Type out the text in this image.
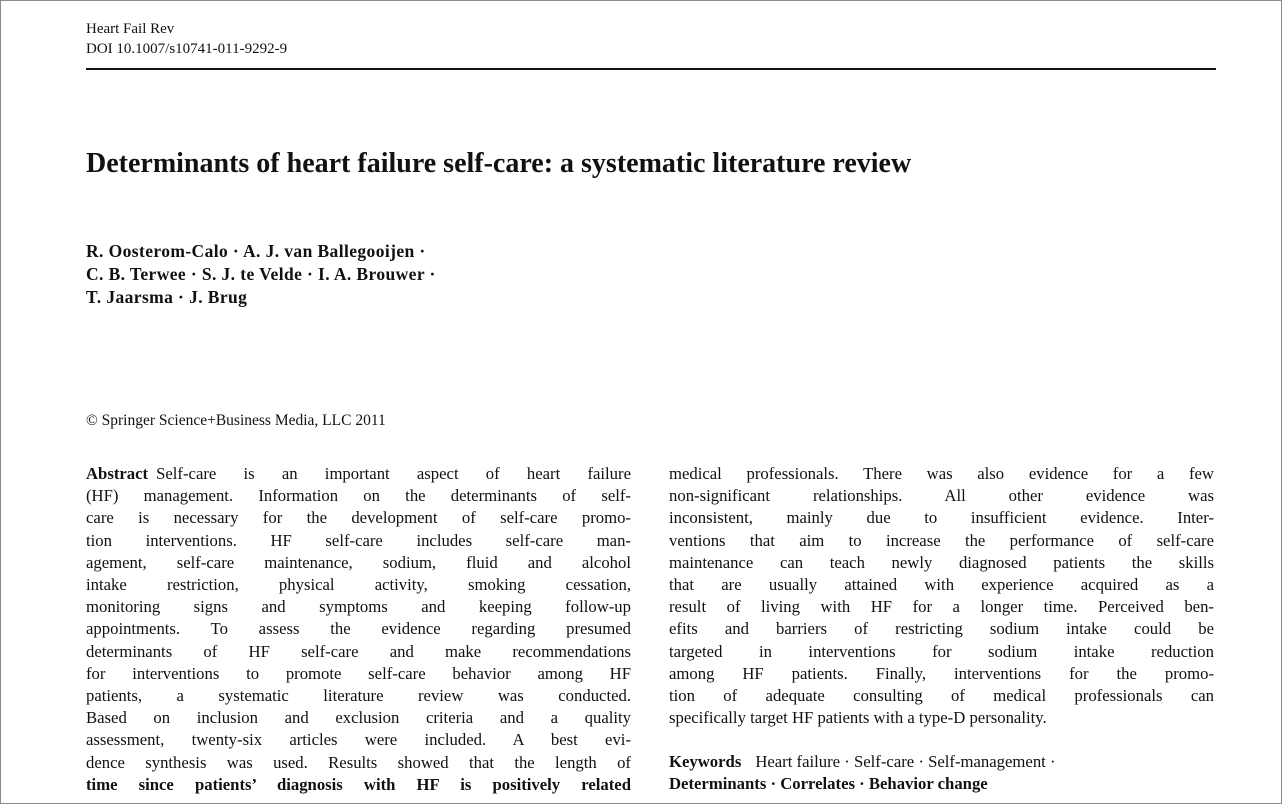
Heart Fail Rev
DOI 10.1007/s10741-011-9292-9
Determinants of heart failure self-care: a systematic literature review
R. Oosterom-Calo · A. J. van Ballegooijen ·
C. B. Terwee · S. J. te Velde · I. A. Brouwer ·
T. Jaarsma · J. Brug
© Springer Science+Business Media, LLC 2011
Abstract Self-care is an important aspect of heart failure
(HF) management. Information on the determinants of self-
care is necessary for the development of self-care promo-
tion interventions. HF self-care includes self-care man-
agement, self-care maintenance, sodium, fluid and alcohol
intake restriction, physical activity, smoking cessation,
monitoring signs and symptoms and keeping follow-up
appointments. To assess the evidence regarding presumed
determinants of HF self-care and make recommendations
for interventions to promote self-care behavior among HF
patients, a systematic literature review was conducted.
Based on inclusion and exclusion criteria and a quality
assessment, twenty-six articles were included. A best evi-
dence synthesis was used. Results showed that the length of
time since patients’ diagnosis with HF is positively related
medical professionals. There was also evidence for a few
non-significant relationships. All other evidence was
inconsistent, mainly due to insufficient evidence. Inter-
ventions that aim to increase the performance of self-care
maintenance can teach newly diagnosed patients the skills
that are usually attained with experience acquired as a
result of living with HF for a longer time. Perceived ben-
efits and barriers of restricting sodium intake could be
targeted in interventions for sodium intake reduction
among HF patients. Finally, interventions for the promo-
tion of adequate consulting of medical professionals can
specifically target HF patients with a type-D personality.
Keywords Heart failure · Self-care · Self-management ·
Determinants · Correlates · Behavior change
